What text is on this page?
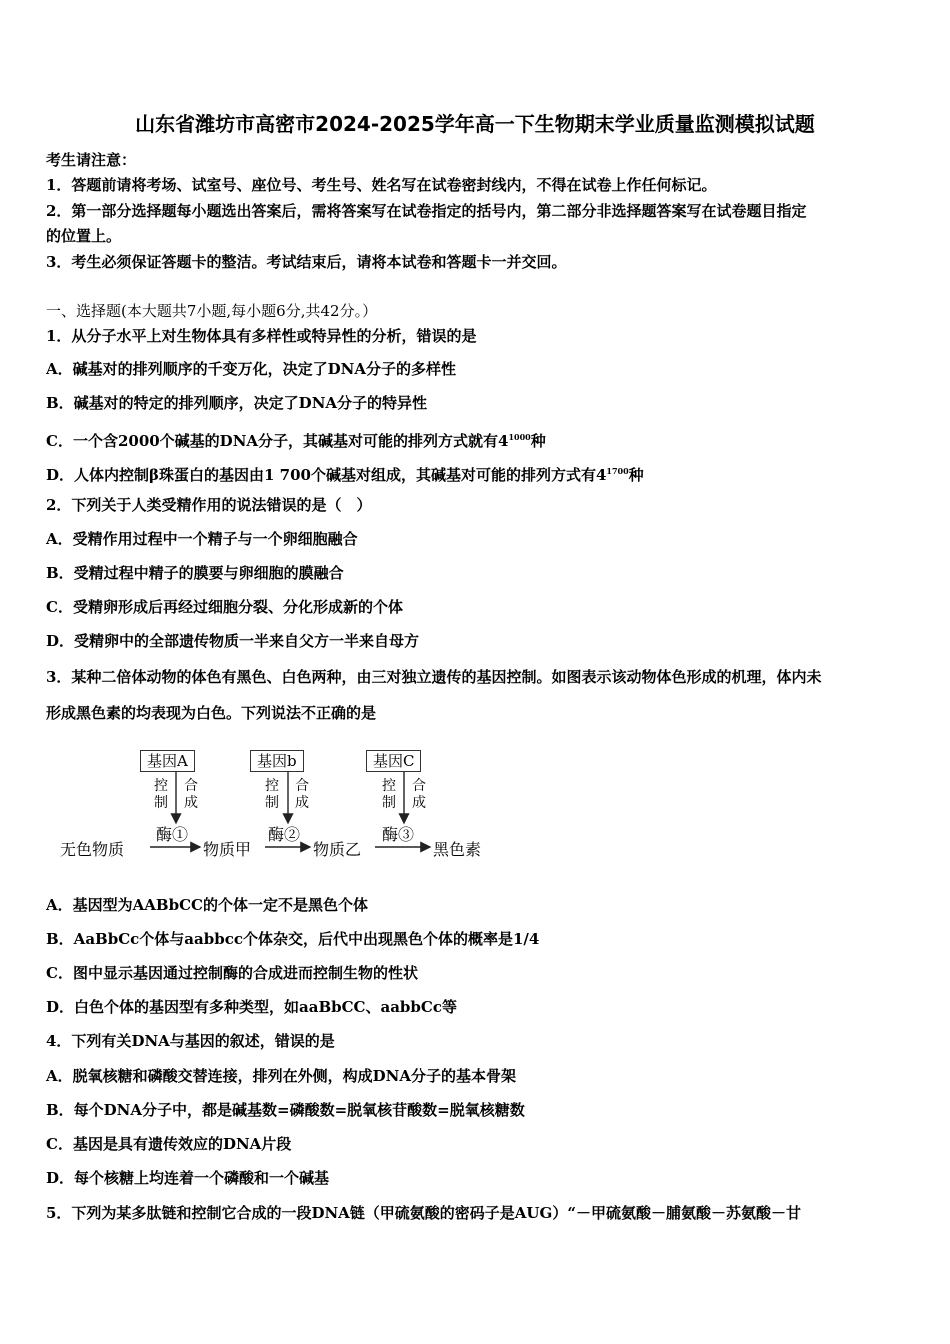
山东省潍坊市高密市2024-2025学年高一下生物期末学业质量监测模拟试题
考生请注意：
1．答题前请将考场、试室号、座位号、考生号、姓名写在试卷密封线内，不得在试卷上作任何标记。
2．第一部分选择题每小题选出答案后，需将答案写在试卷指定的括号内，第二部分非选择题答案写在试卷题目指定
的位置上。
3．考生必须保证答题卡的整洁。考试结束后，请将本试卷和答题卡一并交回。
一、选择题(本大题共7小题,每小题6分,共42分。）
1．从分子水平上对生物体具有多样性或特异性的分析，错误的是
A．碱基对的排列顺序的千变万化，决定了DNA分子的多样性
B．碱基对的特定的排列顺序，决定了DNA分子的特异性
C．一个含2000个碱基的DNA分子，其碱基对可能的排列方式就有$4^{1000}$种
D．人体内控制β珠蛋白的基因由1 700个碱基对组成，其碱基对可能的排列方式有$4^{1700}$种
2．下列关于人类受精作用的说法错误的是（　）
A．受精作用过程中一个精子与一个卵细胞融合
B．受精过程中精子的膜要与卵细胞的膜融合
C．受精卵形成后再经过细胞分裂、分化形成新的个体
D．受精卵中的全部遗传物质一半来自父方一半来自母方
3．某种二倍体动物的体色有黑色、白色两种，由三对独立遗传的基因控制。如图表示该动物体色形成的机理，体内未
形成黑色素的均表现为白色。下列说法不正确的是
基因A	基因b	基因C
控
制
合
成
控
制
合
成
控
制
合
成
酶①	酶②	酶③
无色物质	物质甲	物质乙	黑色素
A．基因型为AABbCC的个体一定不是黑色个体
B．AaBbCc个体与aabbcc个体杂交，后代中出现黑色个体的概率是1/4
C．图中显示基因通过控制酶的合成进而控制生物的性状
D．白色个体的基因型有多种类型，如aaBbCC、aabbCc等
4．下列有关DNA与基因的叙述，错误的是
A．脱氧核糖和磷酸交替连接，排列在外侧，构成DNA分子的基本骨架
B．每个DNA分子中，都是碱基数=磷酸数=脱氧核苷酸数=脱氧核糖数
C．基因是具有遗传效应的DNA片段
D．每个核糖上均连着一个磷酸和一个碱基
5．下列为某多肽链和控制它合成的一段DNA链（甲硫氨酸的密码子是AUG）“－甲硫氨酸－脯氨酸－苏氨酸－甘
